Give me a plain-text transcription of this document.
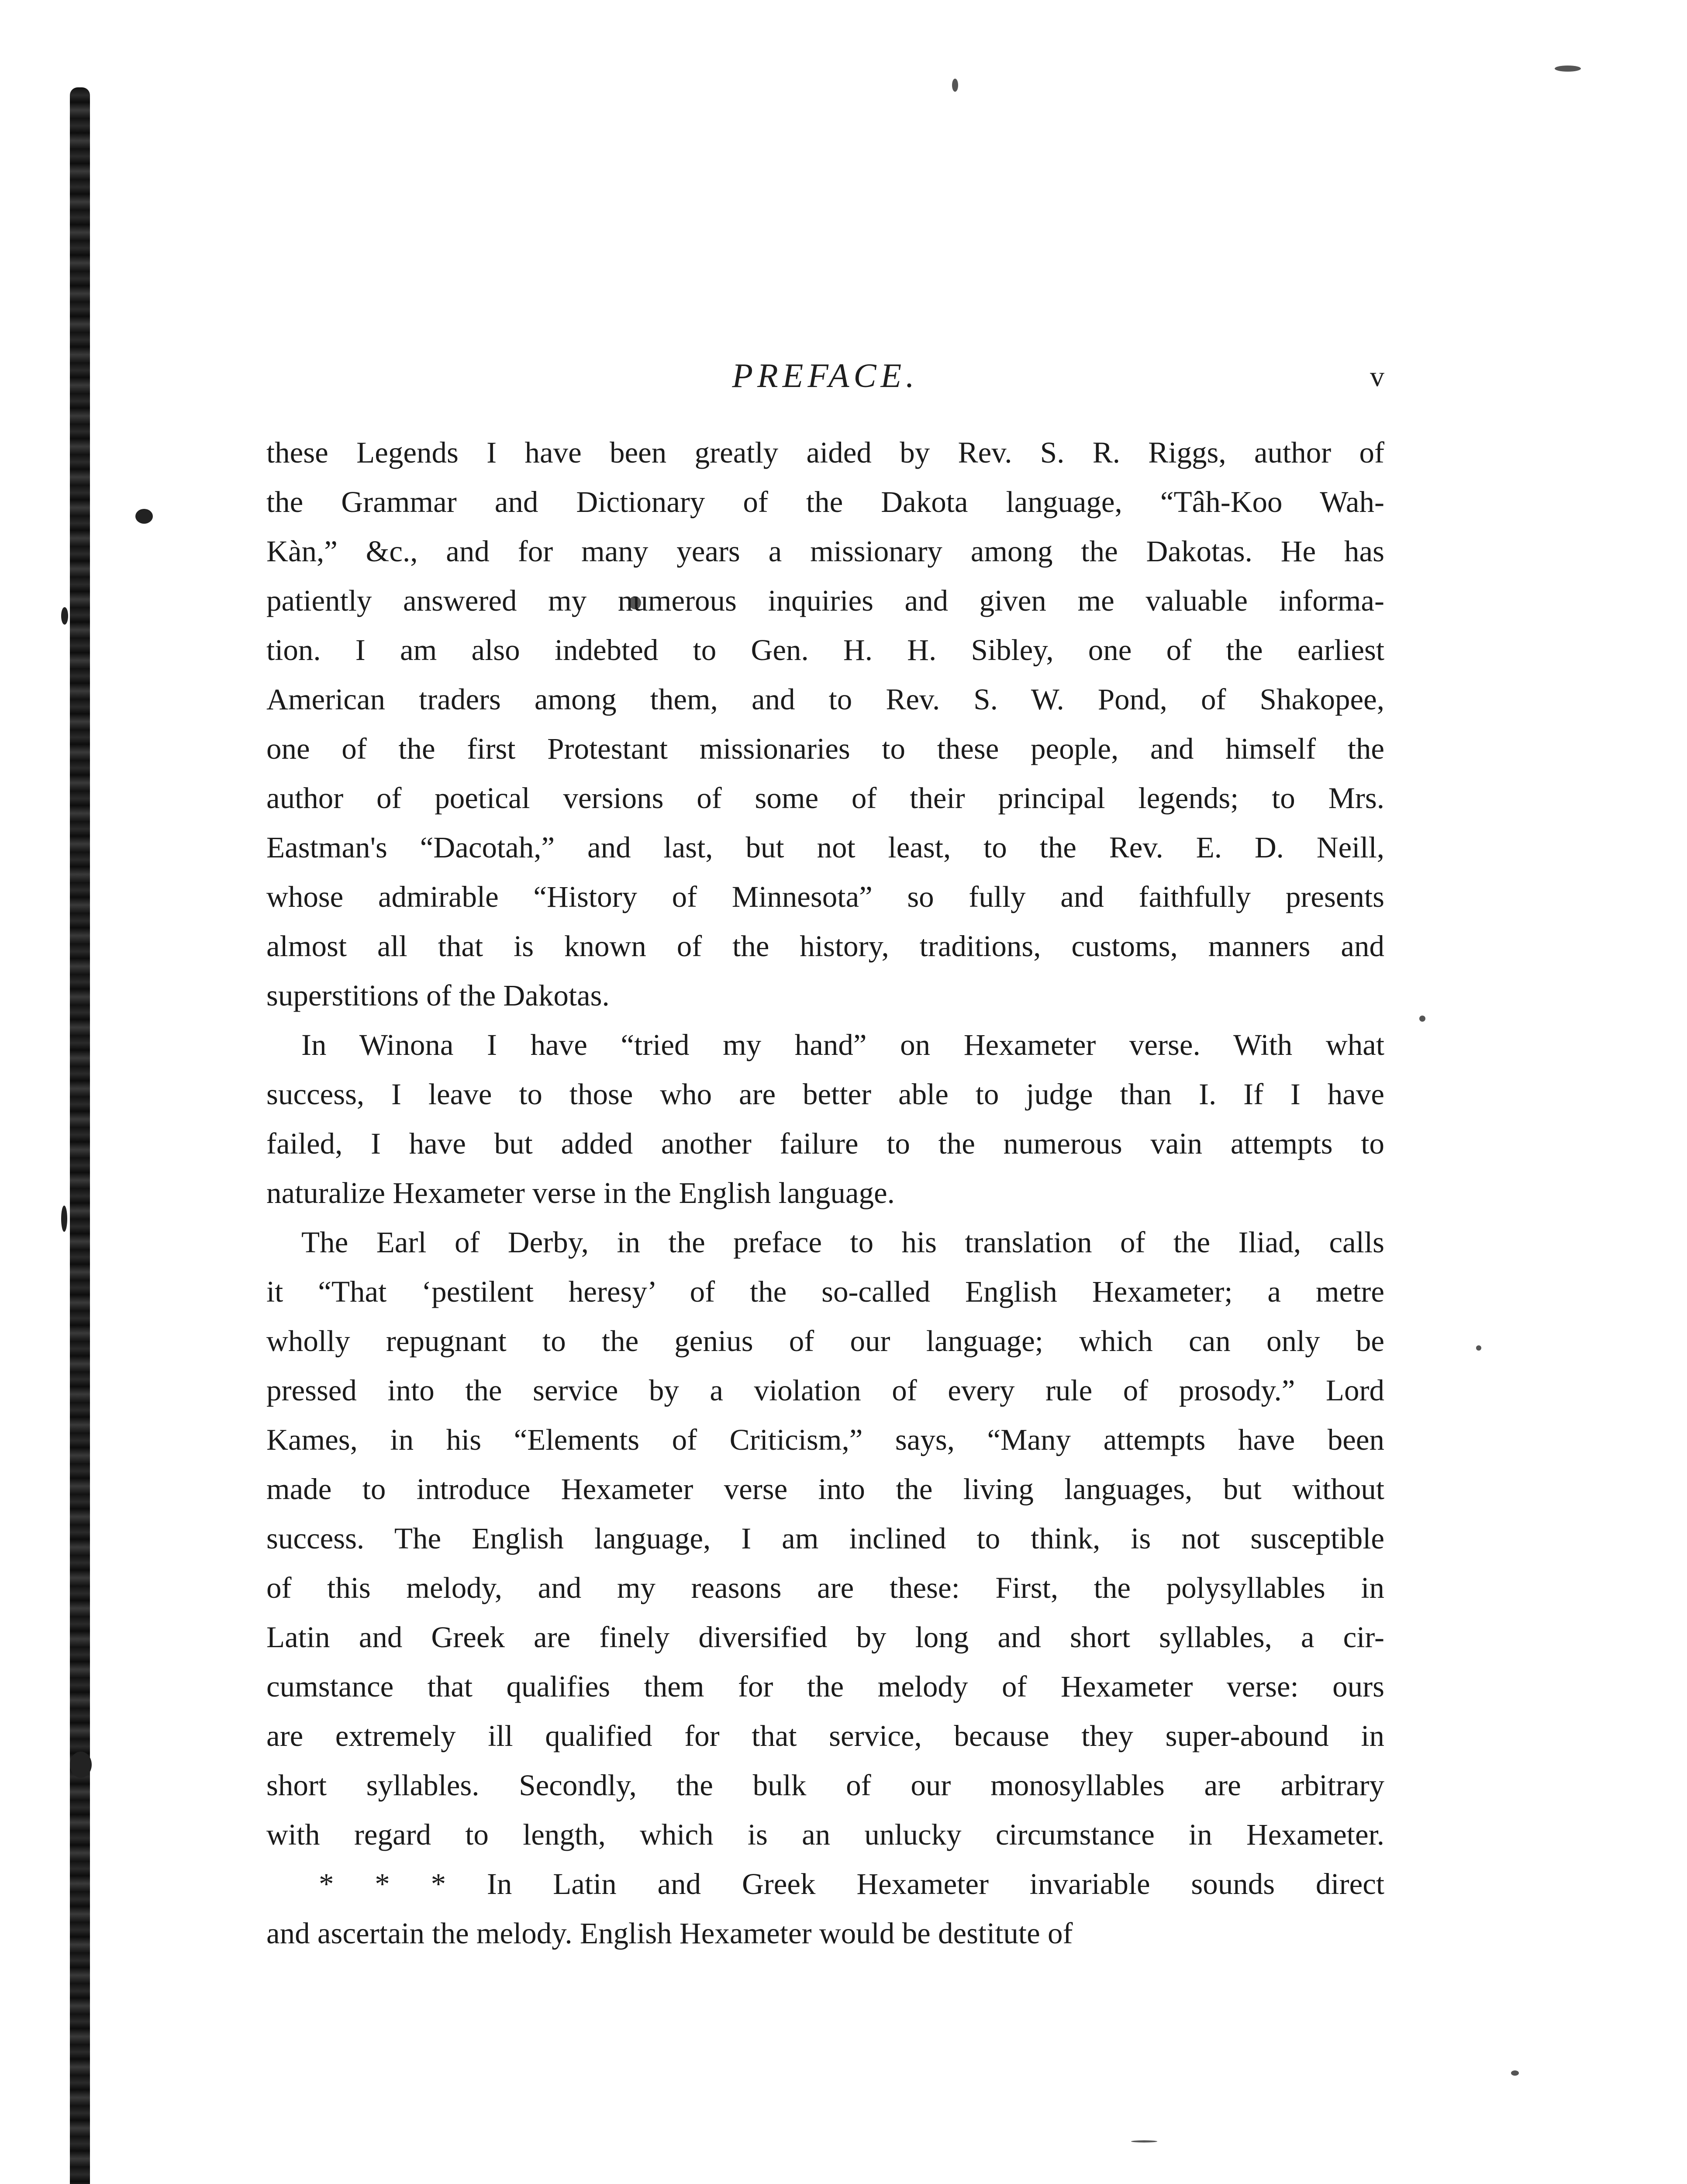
PREFACE.	v
these Legends I have been greatly aided by Rev. S. R. Riggs, author of
the Grammar and Dictionary of the Dakota language, “Tâh-Koo Wah-
Kàn,” &c., and for many years a missionary among the Dakotas. He has
patiently answered my numerous inquiries and given me valuable informa-
tion. I am also indebted to Gen. H. H. Sibley, one of the earliest
American traders among them, and to Rev. S. W. Pond, of Shakopee,
one of the first Protestant missionaries to these people, and himself the
author of poetical versions of some of their principal legends; to Mrs.
Eastman's “Dacotah,” and last, but not least, to the Rev. E. D. Neill,
whose admirable “History of Minnesota” so fully and faithfully presents
almost all that is known of the history, traditions, customs, manners and
superstitions of the Dakotas.
In Winona I have “tried my hand” on Hexameter verse. With what
success, I leave to those who are better able to judge than I. If I have
failed, I have but added another failure to the numerous vain attempts to
naturalize Hexameter verse in the English language.
The Earl of Derby, in the preface to his translation of the Iliad, calls
it “That ‘pestilent heresy’ of the so-called English Hexameter; a metre
wholly repugnant to the genius of our language; which can only be
pressed into the service by a violation of every rule of prosody.” Lord
Kames, in his “Elements of Criticism,” says, “Many attempts have been
made to introduce Hexameter verse into the living languages, but without
success. The English language, I am inclined to think, is not susceptible
of this melody, and my reasons are these: First, the polysyllables in
Latin and Greek are finely diversified by long and short syllables, a cir-
cumstance that qualifies them for the melody of Hexameter verse: ours
are extremely ill qualified for that service, because they super-abound in
short syllables. Secondly, the bulk of our monosyllables are arbitrary
with regard to length, which is an unlucky circumstance in Hexameter.
* * * In Latin and Greek Hexameter invariable sounds direct
and ascertain the melody. English Hexameter would be destitute of
